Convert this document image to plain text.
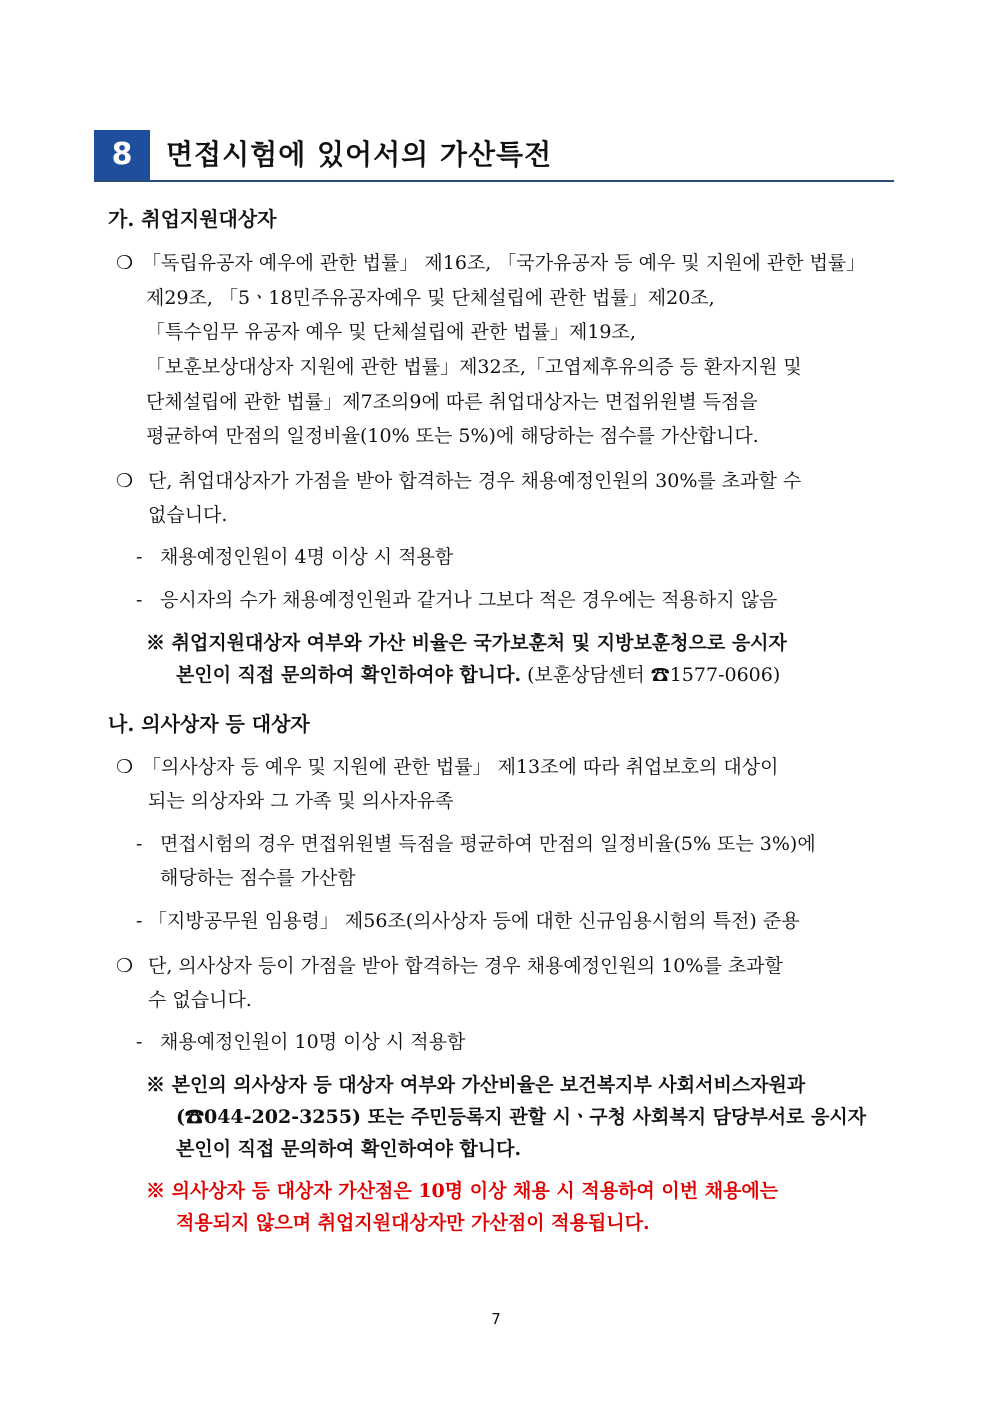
8	면접시험에 있어서의 가산특전
가. 취업지원대상자
❍ 「독립유공자 예우에 관한 법률」 제16조, 「국가유공자 등 예우 및 지원에 관한 법률」
제29조, 「5ㆍ18민주유공자예우 및 단체설립에 관한 법률」제20조,
「특수임무 유공자 예우 및 단체설립에 관한 법률」제19조,
「보훈보상대상자 지원에 관한 법률」제32조,「고엽제후유의증 등 환자지원 및
단체설립에 관한 법률」제7조의9에 따른 취업대상자는 면접위원별 득점을
평균하여 만점의 일정비율(10% 또는 5%)에 해당하는 점수를 가산합니다.
❍ 단, 취업대상자가 가점을 받아 합격하는 경우 채용예정인원의 30%를 초과할 수
없습니다.
- 채용예정인원이 4명 이상 시 적용함
- 응시자의 수가 채용예정인원과 같거나 그보다 적은 경우에는 적용하지 않음
※ 취업지원대상자 여부와 가산 비율은 국가보훈처 및 지방보훈청으로 응시자
본인이 직접 문의하여 확인하여야 합니다. (보훈상담센터 ☎1577-0606)
나. 의사상자 등 대상자
❍ 「의사상자 등 예우 및 지원에 관한 법률」 제13조에 따라 취업보호의 대상이
되는 의상자와 그 가족 및 의사자유족
- 면접시험의 경우 면접위원별 득점을 평균하여 만점의 일정비율(5% 또는 3%)에
해당하는 점수를 가산함
- 「지방공무원 임용령」 제56조(의사상자 등에 대한 신규임용시험의 특전) 준용
❍ 단, 의사상자 등이 가점을 받아 합격하는 경우 채용예정인원의 10%를 초과할
수 없습니다.
- 채용예정인원이 10명 이상 시 적용함
※ 본인의 의사상자 등 대상자 여부와 가산비율은 보건복지부 사회서비스자원과
(☎044-202-3255) 또는 주민등록지 관할 시ㆍ구청 사회복지 담당부서로 응시자
본인이 직접 문의하여 확인하여야 합니다.
※ 의사상자 등 대상자 가산점은 10명 이상 채용 시 적용하여 이번 채용에는
적용되지 않으며 취업지원대상자만 가산점이 적용됩니다.
7
